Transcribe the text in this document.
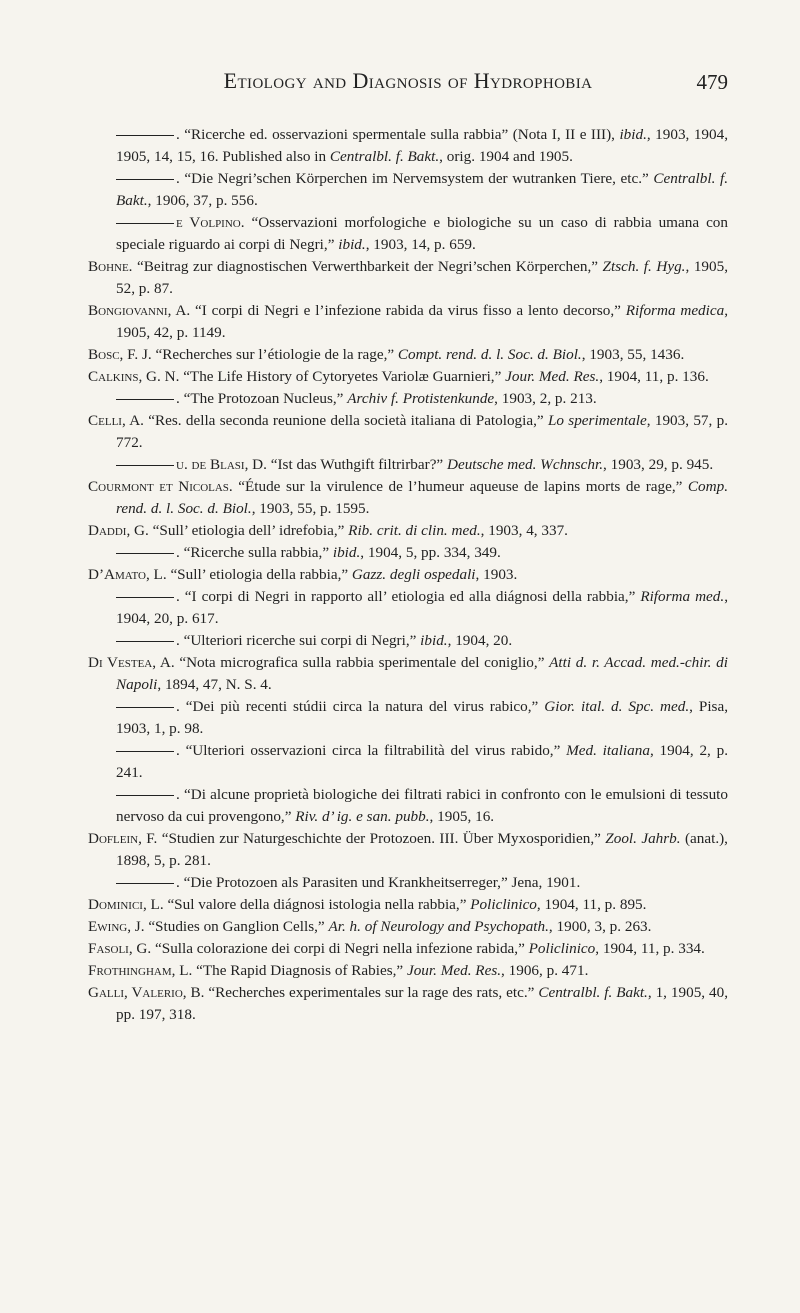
Etiology and Diagnosis of Hydrophobia	479

. “Ricerche ed. osservazioni spermentale sulla rabbia” (Nota I, II e III), ibid., 1903, 1904, 1905, 14, 15, 16. Published also in Centralbl. f. Bakt., orig. 1904 and 1905.

. “Die Negri’schen Körperchen im Nervemsystem der wutranken Tiere, etc.” Centralbl. f. Bakt., 1906, 37, p. 556.

e Volpino. “Osservazioni morfologiche e biologiche su un caso di rabbia umana con speciale riguardo ai corpi di Negri,” ibid., 1903, 14, p. 659.

Bohne. “Beitrag zur diagnostischen Verwerthbarkeit der Negri’schen Körperchen,” Ztsch. f. Hyg., 1905, 52, p. 87.

Bongiovanni, A. “I corpi di Negri e l’infezione rabida da virus fisso a lento decorso,” Riforma medica, 1905, 42, p. 1149.

Bosc, F. J. “Recherches sur l’étiologie de la rage,” Compt. rend. d. l. Soc. d. Biol., 1903, 55, 1436.

Calkins, G. N. “The Life History of Cytoryetes Variolæ Guarnieri,” Jour. Med. Res., 1904, 11, p. 136.

. “The Protozoan Nucleus,” Archiv f. Protistenkunde, 1903, 2, p. 213.

Celli, A. “Res. della seconda reunione della società italiana di Patologia,” Lo sperimentale, 1903, 57, p. 772.

u. de Blasi, D. “Ist das Wuthgift filtrirbar?” Deutsche med. Wchnschr., 1903, 29, p. 945.

Courmont et Nicolas. “Étude sur la virulence de l’humeur aqueuse de lapins morts de rage,” Comp. rend. d. l. Soc. d. Biol., 1903, 55, p. 1595.

Daddi, G. “Sull’ etiologia dell’ idrefobia,” Rib. crit. di clin. med., 1903, 4, 337.

. “Ricerche sulla rabbia,” ibid., 1904, 5, pp. 334, 349.

D’Amato, L. “Sull’ etiologia della rabbia,” Gazz. degli ospedali, 1903.

. “I corpi di Negri in rapporto all’ etiologia ed alla diágnosi della rabbia,” Riforma med., 1904, 20, p. 617.

. “Ulteriori ricerche sui corpi di Negri,” ibid., 1904, 20.

Di Vestea, A. “Nota micrografica sulla rabbia sperimentale del coniglio,” Atti d. r. Accad. med.-chir. di Napoli, 1894, 47, N. S. 4.

. “Dei più recenti stúdii circa la natura del virus rabico,” Gior. ital. d. Spc. med., Pisa, 1903, 1, p. 98.

. “Ulteriori osservazioni circa la filtrabilità del virus rabido,” Med. italiana, 1904, 2, p. 241.

. “Di alcune proprietà biologiche dei filtrati rabici in confronto con le emulsioni di tessuto nervoso da cui provengono,” Riv. d’ ig. e san. pubb., 1905, 16.

Doflein, F. “Studien zur Naturgeschichte der Protozoen. III. Über Myxosporidien,” Zool. Jahrb. (anat.), 1898, 5, p. 281.

. “Die Protozoen als Parasiten und Krankheitserreger,” Jena, 1901.

Dominici, L. “Sul valore della diágnosi istologia nella rabbia,” Policlinico, 1904, 11, p. 895.

Ewing, J. “Studies on Ganglion Cells,” Ar. h. of Neurology and Psychopath., 1900, 3, p. 263.

Fasoli, G. “Sulla colorazione dei corpi di Negri nella infezione rabida,” Policlinico, 1904, 11, p. 334.

Frothingham, L. “The Rapid Diagnosis of Rabies,” Jour. Med. Res., 1906, p. 471.

Galli, Valerio, B. “Recherches experimentales sur la rage des rats, etc.” Centralbl. f. Bakt., 1, 1905, 40, pp. 197, 318.
